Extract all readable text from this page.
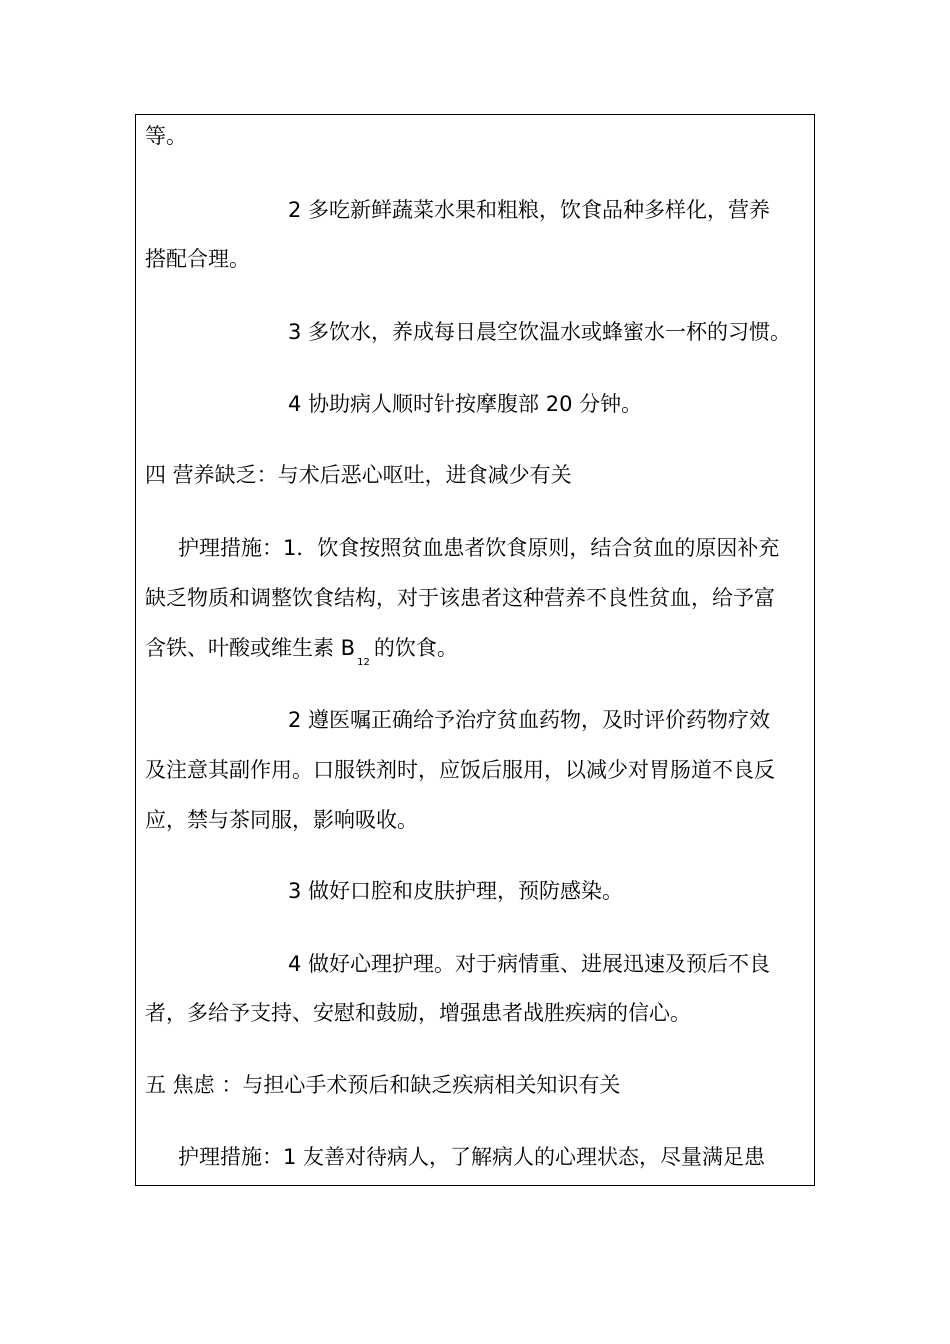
等。
2 多吃新鲜蔬菜水果和粗粮，饮食品种多样化，营养
搭配合理。
3 多饮水，养成每日晨空饮温水或蜂蜜水一杯的习惯。
4 协助病人顺时针按摩腹部 20 分钟。
四 营养缺乏：与术后恶心呕吐，进食减少有关
护理措施：1．饮食按照贫血患者饮食原则，结合贫血的原因补充
缺乏物质和调整饮食结构，对于该患者这种营养不良性贫血，给予富
含铁、叶酸或维生素 $B_{12}$的饮食。
2 遵医嘱正确给予治疗贫血药物，及时评价药物疗效
及注意其副作用。口服铁剂时，应饭后服用，以减少对胃肠道不良反
应，禁与茶同服，影响吸收。
3 做好口腔和皮肤护理，预防感染。
4 做好心理护理。对于病情重、进展迅速及预后不良
者，多给予支持、安慰和鼓励，增强患者战胜疾病的信心。
五 焦虑 ：与担心手术预后和缺乏疾病相关知识有关
护理措施：1 友善对待病人，了解病人的心理状态，尽量满足患
